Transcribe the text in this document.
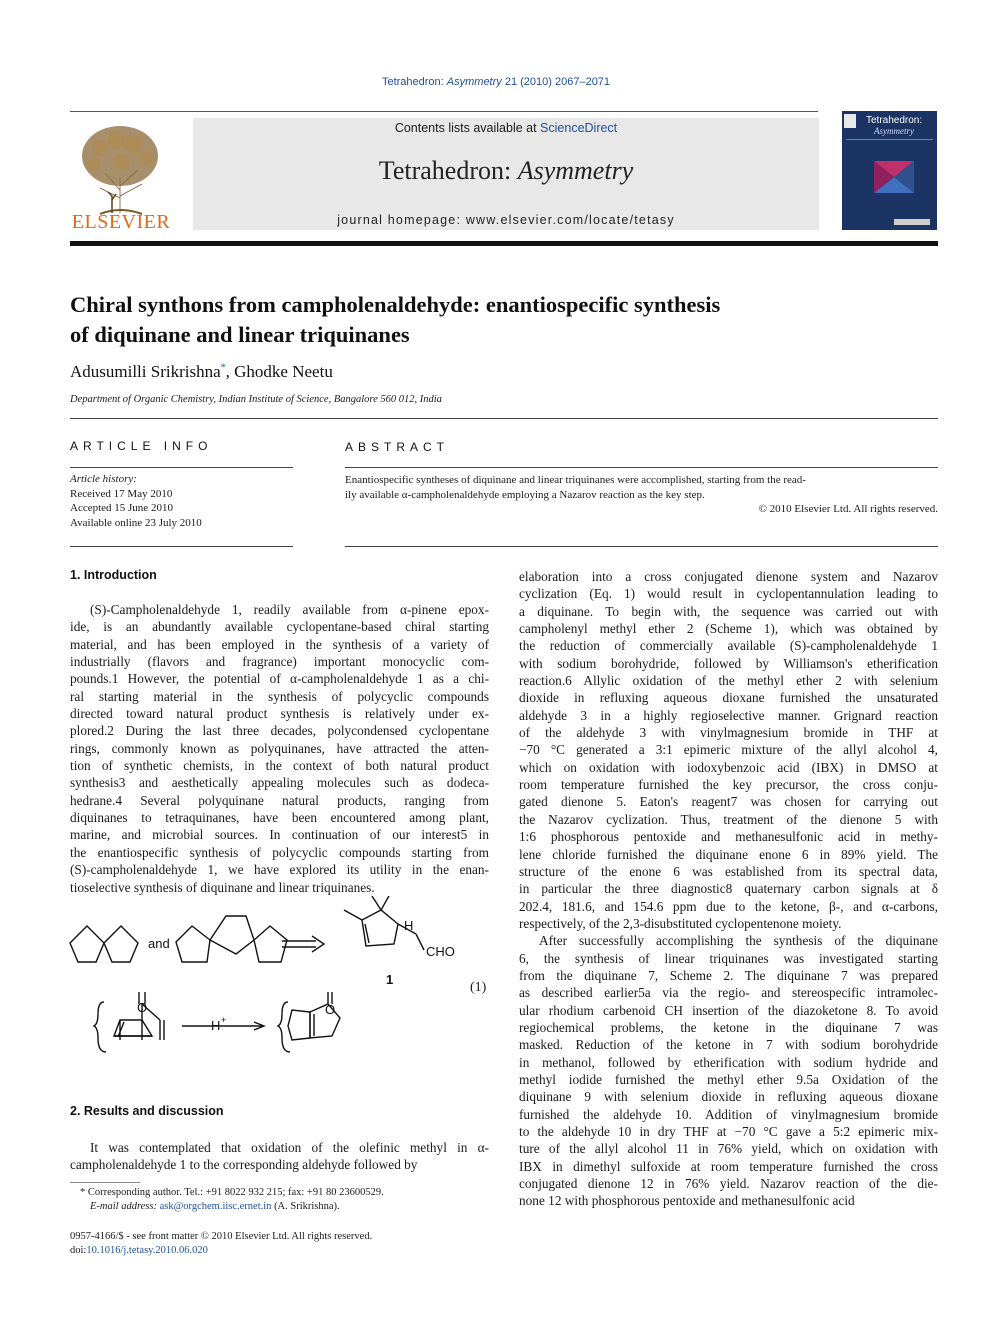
Tetrahedron: Asymmetry 21 (2010) 2067–2071
ELSEVIER
Contents lists available at ScienceDirect
Tetrahedron: Asymmetry
journal homepage: www.elsevier.com/locate/tetasy
Tetrahedron:
Asymmetry
Chiral synthons from campholenaldehyde: enantiospecific synthesis
of diquinane and linear triquinanes
Adusumilli Srikrishna*, Ghodke Neetu
Department of Organic Chemistry, Indian Institute of Science, Bangalore 560 012, India
ARTICLE INFO
Article history:
Received 17 May 2010
Accepted 15 June 2010
Available online 23 July 2010
ABSTRACT
Enantiospecific syntheses of diquinane and linear triquinanes were accomplished, starting from the read-
ily available α-campholenaldehyde employing a Nazarov reaction as the key step.
© 2010 Elsevier Ltd. All rights reserved.
1. Introduction
(S)-Campholenaldehyde 1, readily available from α-pinene epox-
ide, is an abundantly available cyclopentane-based chiral starting
material, and has been employed in the synthesis of a variety of
industrially (flavors and fragrance) important monocyclic com-
pounds.1 However, the potential of α-campholenaldehyde 1 as a chi-
ral starting material in the synthesis of polycyclic compounds
directed toward natural product synthesis is relatively under ex-
plored.2 During the last three decades, polycondensed cyclopentane
rings, commonly known as polyquinanes, have attracted the atten-
tion of synthetic chemists, in the context of both natural product
synthesis3 and aesthetically appealing molecules such as dodeca-
hedrane.4 Several polyquinane natural products, ranging from
diquinanes to tetraquinanes, have been encountered among plant,
marine, and microbial sources. In continuation of our interest5 in
the enantiospecific synthesis of polycyclic compounds starting from
(S)-campholenaldehyde 1, we have explored its utility in the enan-
tioselective synthesis of diquinane and linear triquinanes.
and
H
CHO
1
O	O
H +
(1)
2. Results and discussion
It was contemplated that oxidation of the olefinic methyl in α-
campholenaldehyde 1 to the corresponding aldehyde followed by
* Corresponding author. Tel.: +91 8022 932 215; fax: +91 80 23600529.
E-mail address: ask@orgchem.iisc.ernet.in (A. Srikrishna).
0957-4166/$ - see front matter © 2010 Elsevier Ltd. All rights reserved.
doi:10.1016/j.tetasy.2010.06.020
elaboration into a cross conjugated dienone system and Nazarov
cyclization (Eq. 1) would result in cyclopentannulation leading to
a diquinane. To begin with, the sequence was carried out with
campholenyl methyl ether 2 (Scheme 1), which was obtained by
the reduction of commercially available (S)-campholenaldehyde 1
with sodium borohydride, followed by Williamson's etherification
reaction.6 Allylic oxidation of the methyl ether 2 with selenium
dioxide in refluxing aqueous dioxane furnished the unsaturated
aldehyde 3 in a highly regioselective manner. Grignard reaction
of the aldehyde 3 with vinylmagnesium bromide in THF at
−70 °C generated a 3:1 epimeric mixture of the allyl alcohol 4,
which on oxidation with iodoxybenzoic acid (IBX) in DMSO at
room temperature furnished the key precursor, the cross conju-
gated dienone 5. Eaton's reagent7 was chosen for carrying out
the Nazarov cyclization. Thus, treatment of the dienone 5 with
1:6 phosphorous pentoxide and methanesulfonic acid in methy-
lene chloride furnished the diquinane enone 6 in 89% yield. The
structure of the enone 6 was established from its spectral data,
in particular the three diagnostic8 quaternary carbon signals at δ
202.4, 181.6, and 154.6 ppm due to the ketone, β-, and α-carbons,
respectively, of the 2,3-disubstituted cyclopentenone moiety.
After successfully accomplishing the synthesis of the diquinane
6, the synthesis of linear triquinanes was investigated starting
from the diquinane 7, Scheme 2. The diquinane 7 was prepared
as described earlier5a via the regio- and stereospecific intramolec-
ular rhodium carbenoid CH insertion of the diazoketone 8. To avoid
regiochemical problems, the ketone in the diquinane 7 was
masked. Reduction of the ketone in 7 with sodium borohydride
in methanol, followed by etherification with sodium hydride and
methyl iodide furnished the methyl ether 9.5a Oxidation of the
diquinane 9 with selenium dioxide in refluxing aqueous dioxane
furnished the aldehyde 10. Addition of vinylmagnesium bromide
to the aldehyde 10 in dry THF at −70 °C gave a 5:2 epimeric mix-
ture of the allyl alcohol 11 in 76% yield, which on oxidation with
IBX in dimethyl sulfoxide at room temperature furnished the cross
conjugated dienone 12 in 76% yield. Nazarov reaction of the die-
none 12 with phosphorous pentoxide and methanesulfonic acid
